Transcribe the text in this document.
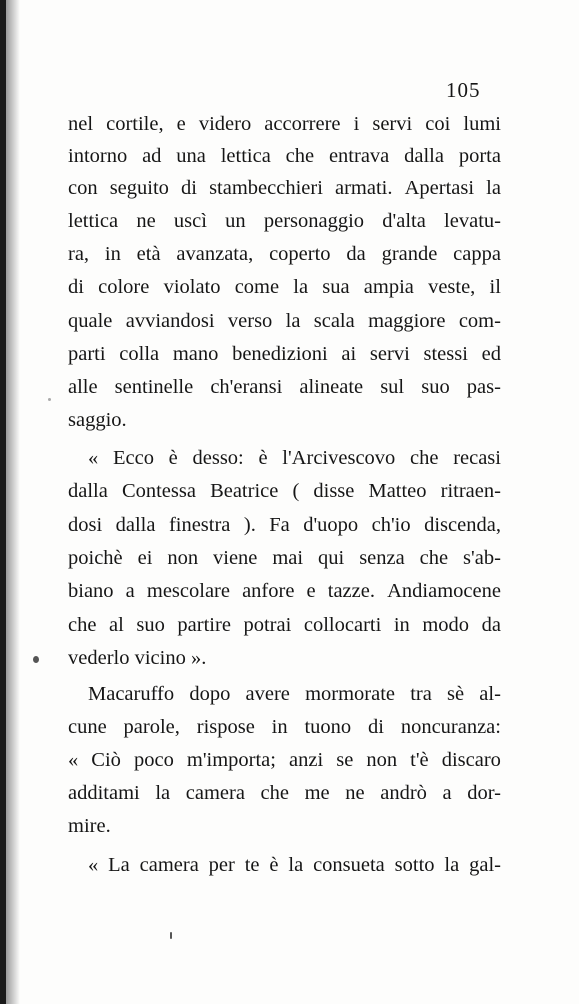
105
nel cortile, e videro accorrere i servi coi lumi
intorno ad una lettica che entrava dalla porta
con seguito di stambecchieri armati. Apertasi la
lettica ne uscì un personaggio d'alta levatu-
ra, in età avanzata, coperto da grande cappa
di colore violato come la sua ampia veste, il
quale avviandosi verso la scala maggiore com-
parti colla mano benedizioni ai servi stessi ed
alle sentinelle ch'eransi alineate sul suo pas-
saggio.
« Ecco è desso: è l'Arcivescovo che recasi
dalla Contessa Beatrice ( disse Matteo ritraen-
dosi dalla finestra ). Fa d'uopo ch'io discenda,
poichè ei non viene mai qui senza che s'ab-
biano a mescolare anfore e tazze. Andiamocene
che al suo partire potrai collocarti in modo da
vederlo vicino ».
Macaruffo dopo avere mormorate tra sè al-
cune parole, rispose in tuono di noncuranza:
« Ciò poco m'importa; anzi se non t'è discaro
additami la camera che me ne andrò a dor-
mire.
« La camera per te è la consueta sotto la gal-
